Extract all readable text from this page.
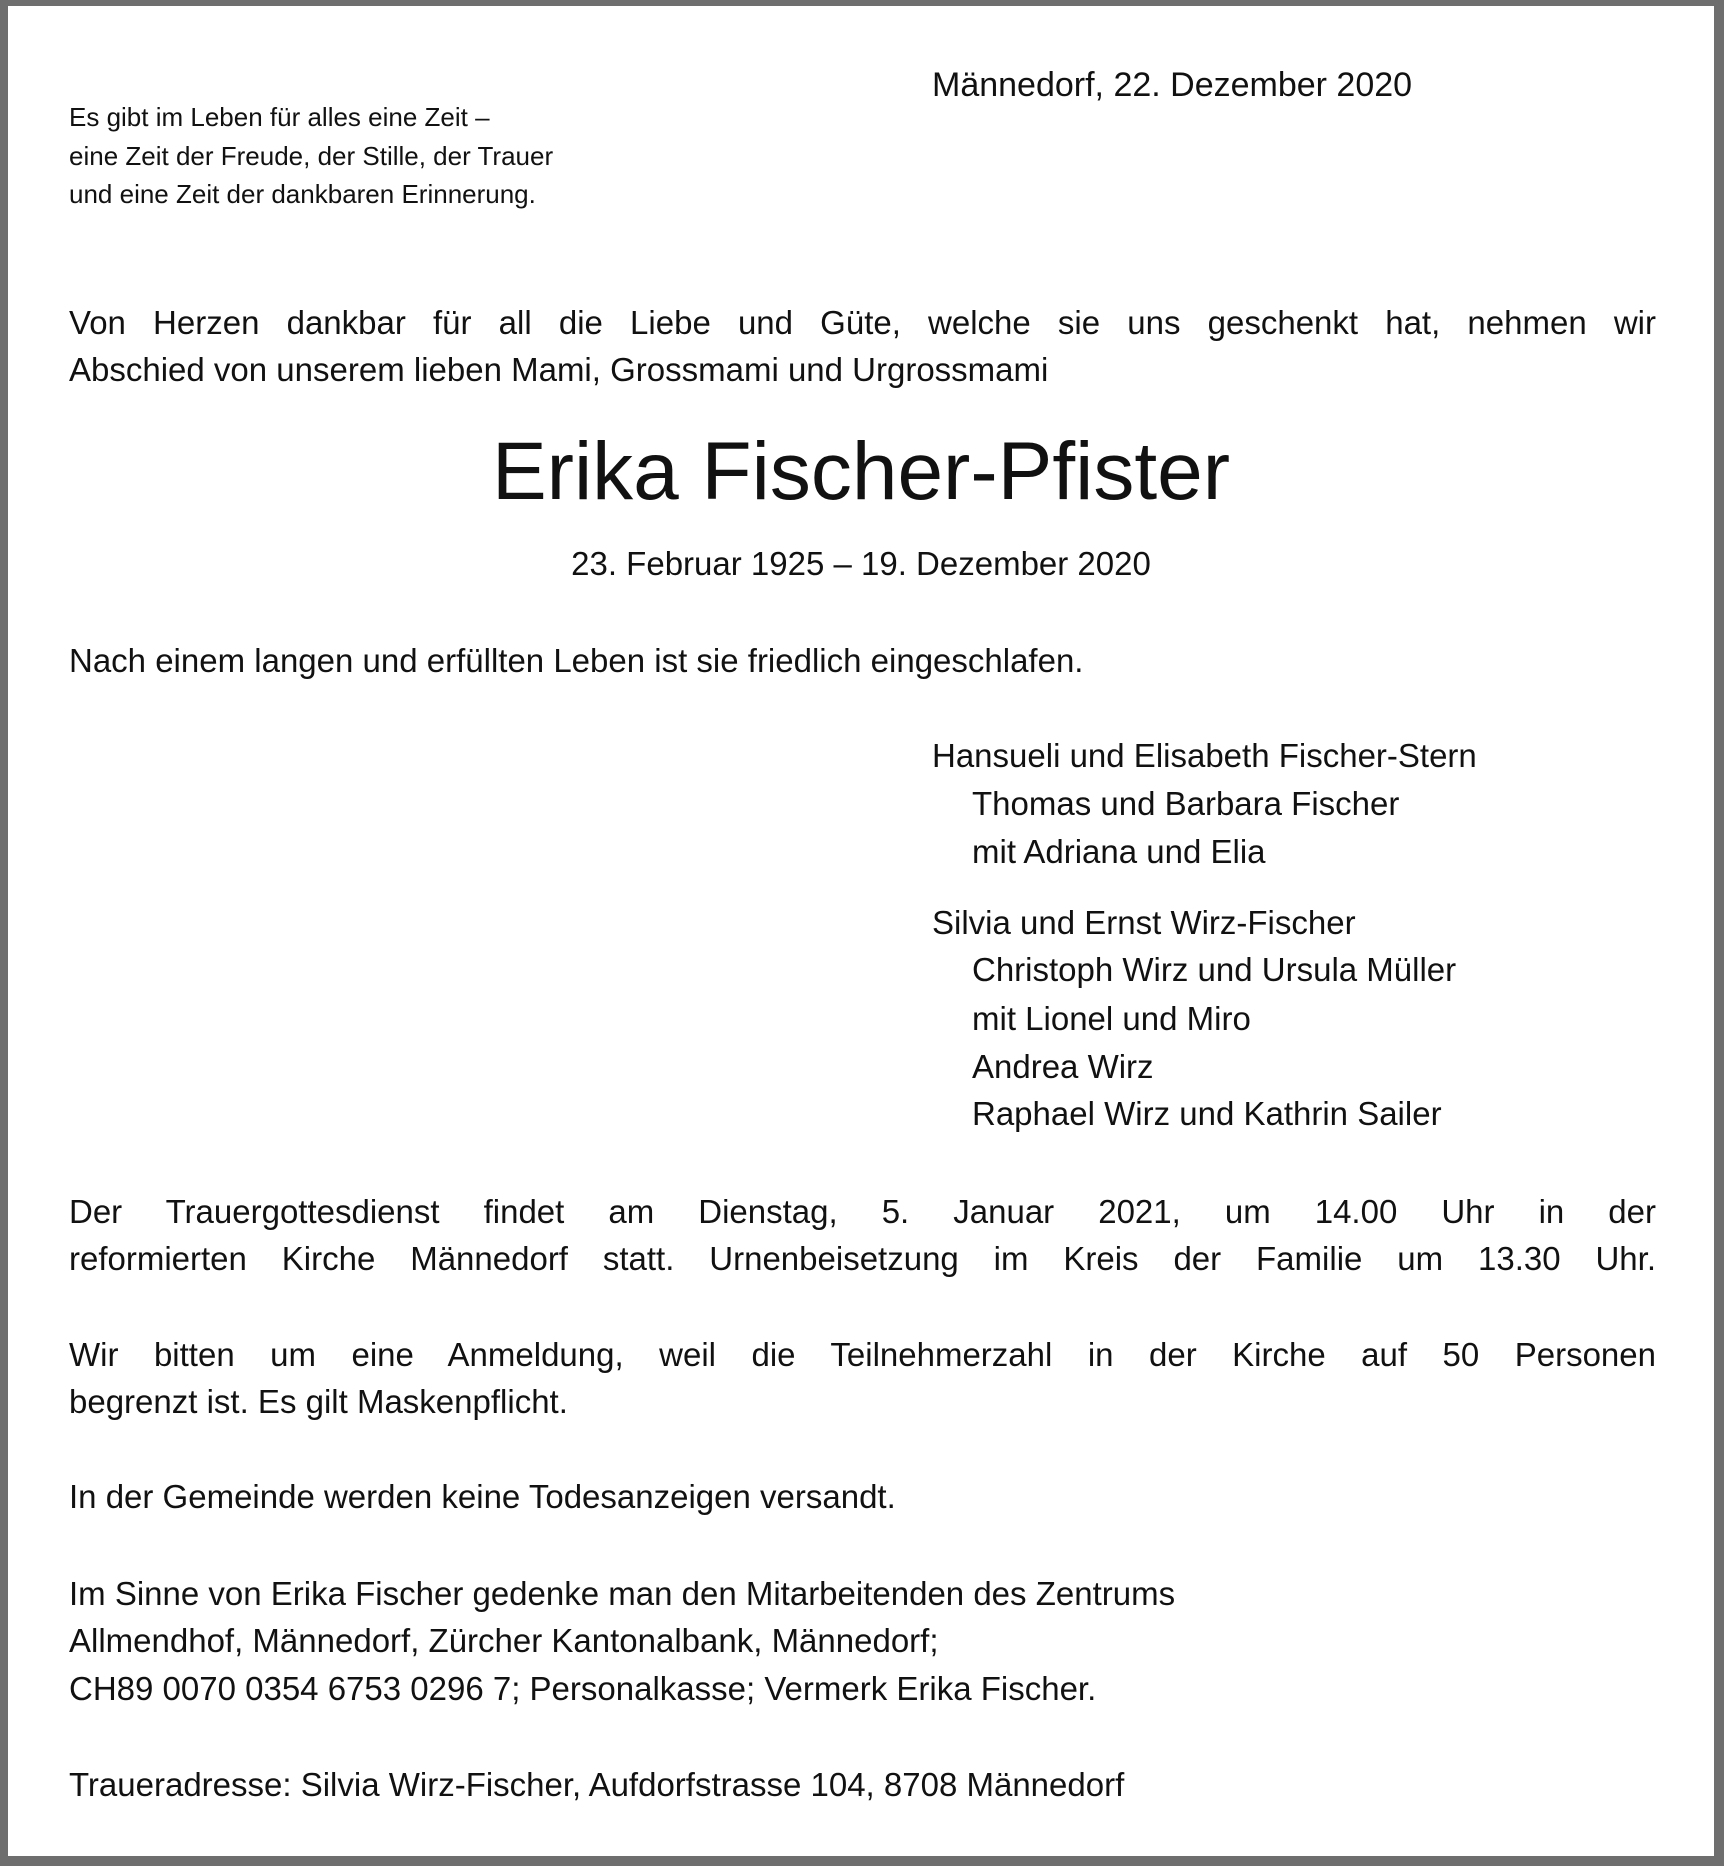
Männedorf, 22. Dezember 2020
Es gibt im Leben für alles eine Zeit –
eine Zeit der Freude, der Stille, der Trauer
und eine Zeit der dankbaren Erinnerung.
Von Herzen dankbar für all die Liebe und Güte, welche sie uns geschenkt hat, nehmen wir
Abschied von unserem lieben Mami, Grossmami und Urgrossmami
Erika Fischer-Pfister
23. Februar 1925 – 19. Dezember 2020
Nach einem langen und erfüllten Leben ist sie friedlich eingeschlafen.
Hansueli und Elisabeth Fischer-Stern
Thomas und Barbara Fischer
mit Adriana und Elia
Silvia und Ernst Wirz-Fischer
Christoph Wirz und Ursula Müller
mit Lionel und Miro
Andrea Wirz
Raphael Wirz und Kathrin Sailer
Der Trauergottesdienst findet am Dienstag, 5. Januar 2021, um 14.00 Uhr in der
reformierten Kirche Männedorf statt. Urnenbeisetzung im Kreis der Familie um 13.30 Uhr.
Wir bitten um eine Anmeldung, weil die Teilnehmerzahl in der Kirche auf 50 Personen
begrenzt ist. Es gilt Maskenpflicht.
In der Gemeinde werden keine Todesanzeigen versandt.
Im Sinne von Erika Fischer gedenke man den Mitarbeitenden des Zentrums
Allmendhof, Männedorf, Zürcher Kantonalbank, Männedorf;
CH89 0070 0354 6753 0296 7; Personalkasse; Vermerk Erika Fischer.
Traueradresse: Silvia Wirz-Fischer, Aufdorfstrasse 104, 8708 Männedorf
